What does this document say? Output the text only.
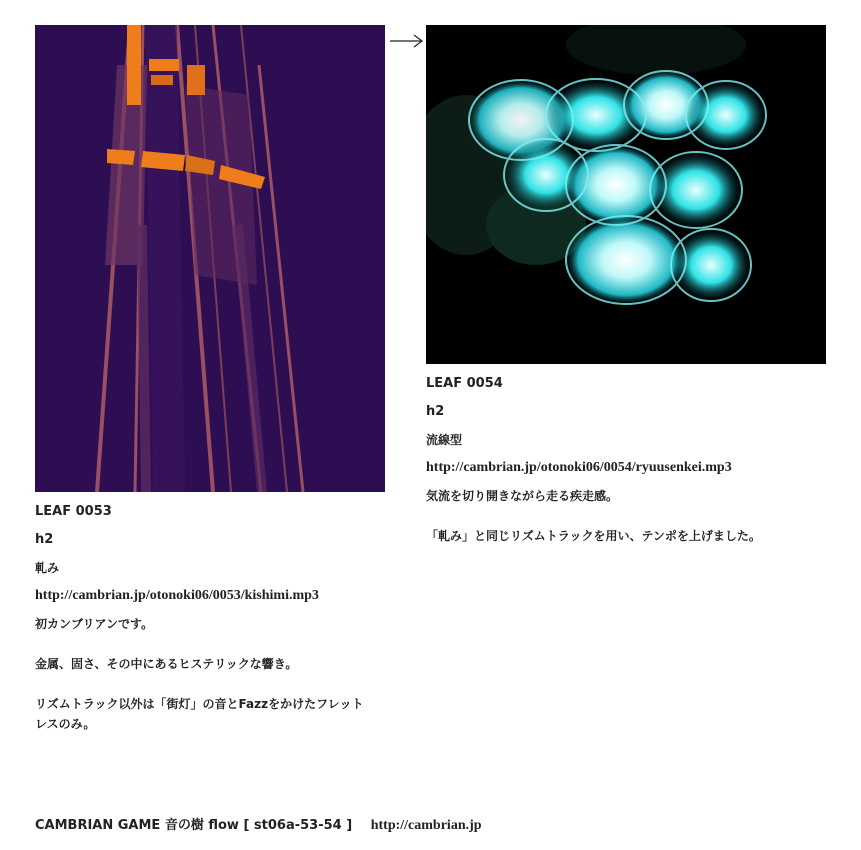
LEAF 0053
h2
軋み
http://cambrian.jp/otonoki06/0053/kishimi.mp3

初カンブリアンです。

金属、固さ、その中にあるヒステリックな響き。

リズムトラック以外は「街灯」の音とFazzをかけたフレットレスのみ。

LEAF 0054
h2
流線型
http://cambrian.jp/otonoki06/0054/ryuusenkei.mp3

気流を切り開きながら走る疾走感。

「軋み」と同じリズムトラックを用い、テンポを上げました。

CAMBRIAN GAME 音の樹 flow [ st06a-53-54 ] http://cambrian.jp
